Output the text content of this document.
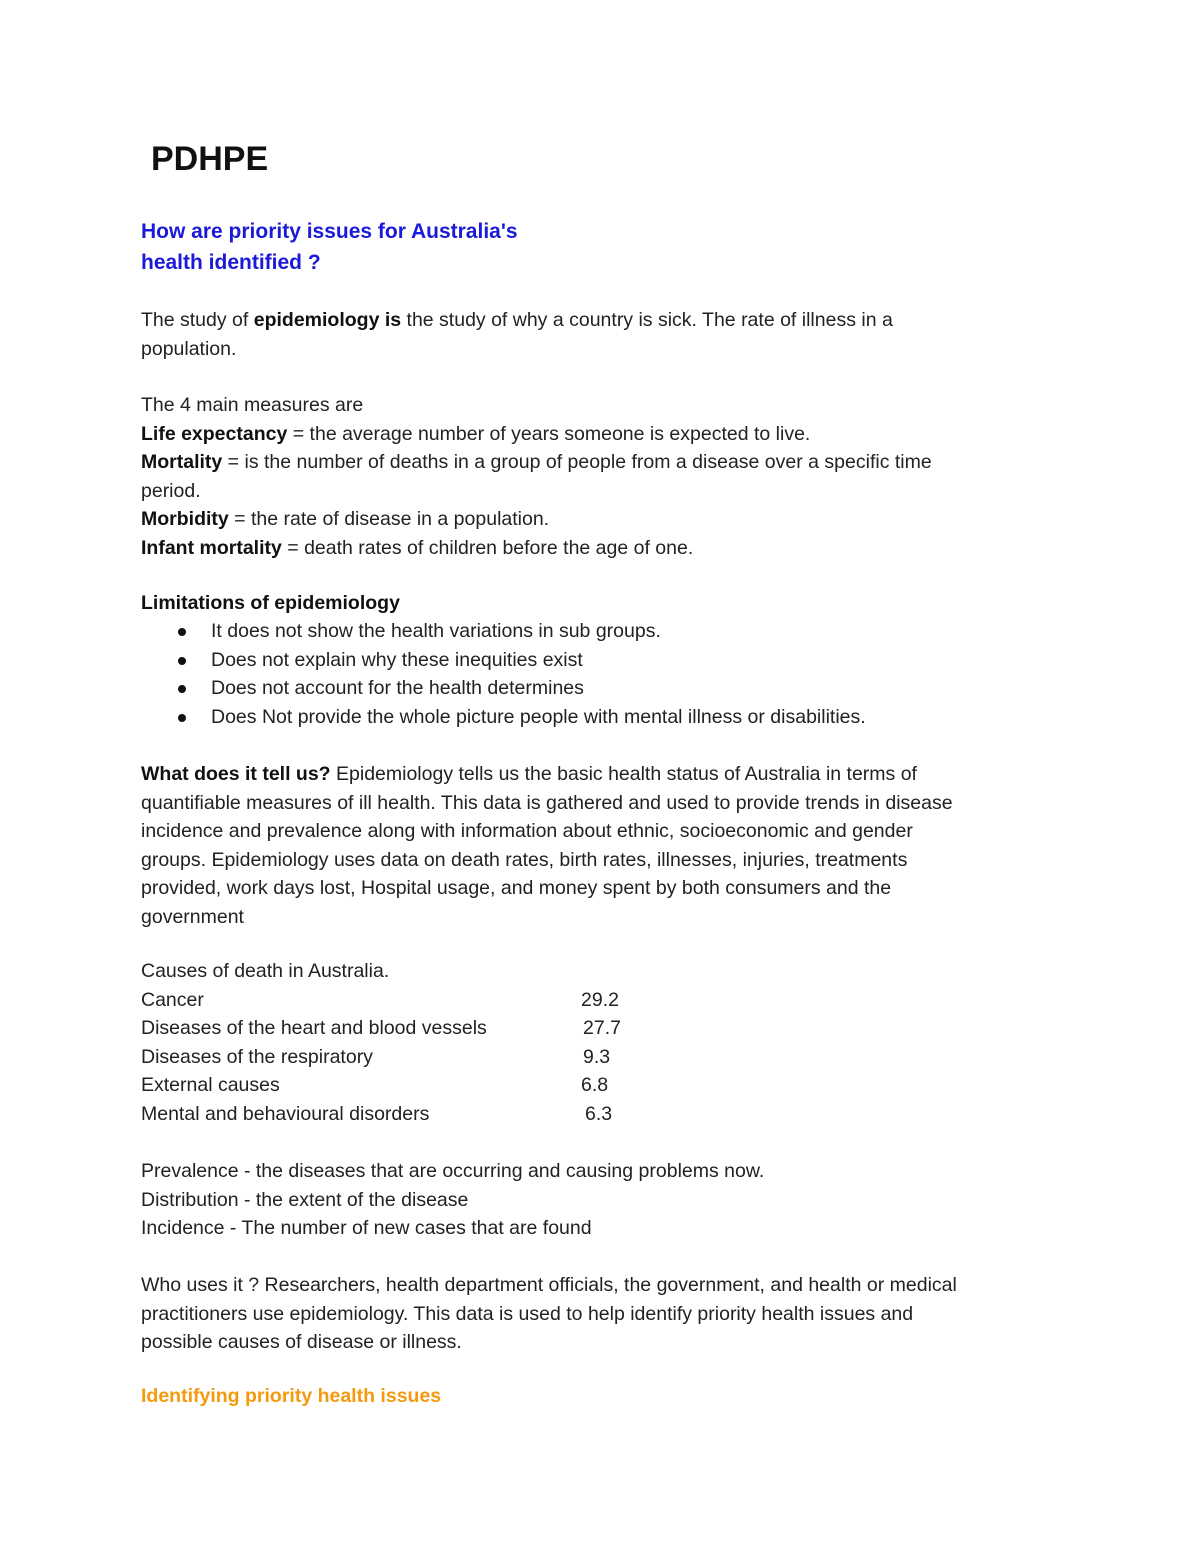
PDHPE
How are priority issues for Australia's
health identified ?
The study of epidemiology is the study of why a country is sick. The rate of illness in a
population.
The 4 main measures are
Life expectancy = the average number of years someone is expected to live.
Mortality = is the number of deaths in a group of people from a disease over a specific time
period.
Morbidity = the rate of disease in a population.
Infant mortality = death rates of children before the age of one.
Limitations of epidemiology
It does not show the health variations in sub groups.
Does not explain why these inequities exist
Does not account for the health determines
Does Not provide the whole picture people with mental illness or disabilities.
What does it tell us? Epidemiology tells us the basic health status of Australia in terms of
quantifiable measures of ill health. This data is gathered and used to provide trends in disease
incidence and prevalence along with information about ethnic, socioeconomic and gender
groups. Epidemiology uses data on death rates, birth rates, illnesses, injuries, treatments
provided, work days lost, Hospital usage, and money spent by both consumers and the
government
Causes of death in Australia.
Cancer	29.2
Diseases of the heart and blood vessels	27.7
Diseases of the respiratory	9.3
External causes	6.8
Mental and behavioural disorders	6.3
Prevalence - the diseases that are occurring and causing problems now.
Distribution - the extent of the disease
Incidence - The number of new cases that are found
Who uses it ? Researchers, health department officials, the government, and health or medical
practitioners use epidemiology. This data is used to help identify priority health issues and
possible causes of disease or illness.
Identifying priority health issues
